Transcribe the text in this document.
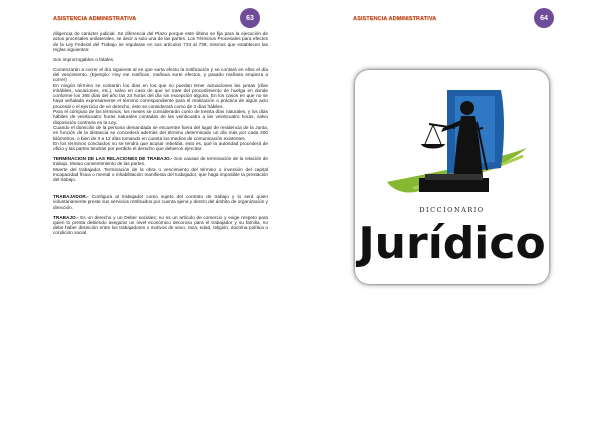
ASISTENCIA ADMINISTRATIVA	63

diligencia de carácter judicial. Se diferencia del Plazo porque este último se fija para la ejecución de actos procesales unilaterales, se decir a solo una de las partes. Los Términos Procesales para efectos de la Ley Federal del Trabajo se regularan en sus artículos 733 al 738, mismos que establecen las reglas siguientes:

Son improrrogables o fatales.

Comenzarán a correr el día siguiente al en que surta efecto la notificación y se contará en ellos el día del vencimiento. (Ejemplo: Hoy me notifican, mañana surte efectos, y pasado mañana empieza a correr)
En ningún término se contarán los días en los que no puedan tener actuaciones las juntas (días inhábiles, vacaciones, etc.), salvo en caso de que se trate del procedimiento de huelga en donde conforme los 365 días del año las 24 horas del día sin excepción alguna. En los casos en que no se haya señalada expresamente el término correspondiente para el realización o práctica de algún acto procesal o el ejercicio de un derecho, éste se considerará como de 3 días hábiles.
Para el cómputo de los términos, los meses se considerarán como de treinta días naturales, y los días hábiles de veinticuatro horas naturales contadas de las veinticuatro a las veinticuatro horas, salvo disposición contraria en la Ley.
Cuando el domicilio de la persona demandada se encuentre fuera del lugar de residencia de la Junta, en función de la distancia se concederá además del término determinado un día más por cada 200 kilómetros, o bien de 3 a 12 días tomando en cuenta los medios de comunicación existentes.
En los términos concluidos no se tendrá que acusar rebeldía, esto es, que la autoridad procederá de oficio y las partes tendrán por perdido el derecho que debieron ejercitar.

TERMINACION DE LAS RELACIONES DE TRABAJO.- Son causas de terminación de la relación de trabajo. Mutuo consentimiento de las partes.
Muerte del trabajador. Terminación de la obra o vencimiento del término o inversión del capital Incapacidad física o mental o inhabilitación manifiesta del trabajador, que haga imposible la prestación del trabajo.

TRABAJADOR.- Configura al trabajador como sujeto del contrato de trabajo y lo será quien voluntariamente preste sus servicios retribuidos por cuenta ajena y dentro del ámbito de organización y dirección.

TRABAJO.- Es un derecho y un Deber sociales; no es un artículo de comercio y exige respeto para quien lo presta debiendo asegurar un nivel económico decoroso para el trabajador y su familia, no debe haber distinción entre los trabajadores x motivos de sexo, raza, edad, religión, doctrina política o condición social.

ASISTENCIA ADMINISTRATIVA	64
DICCIONARIO
Jurídico
